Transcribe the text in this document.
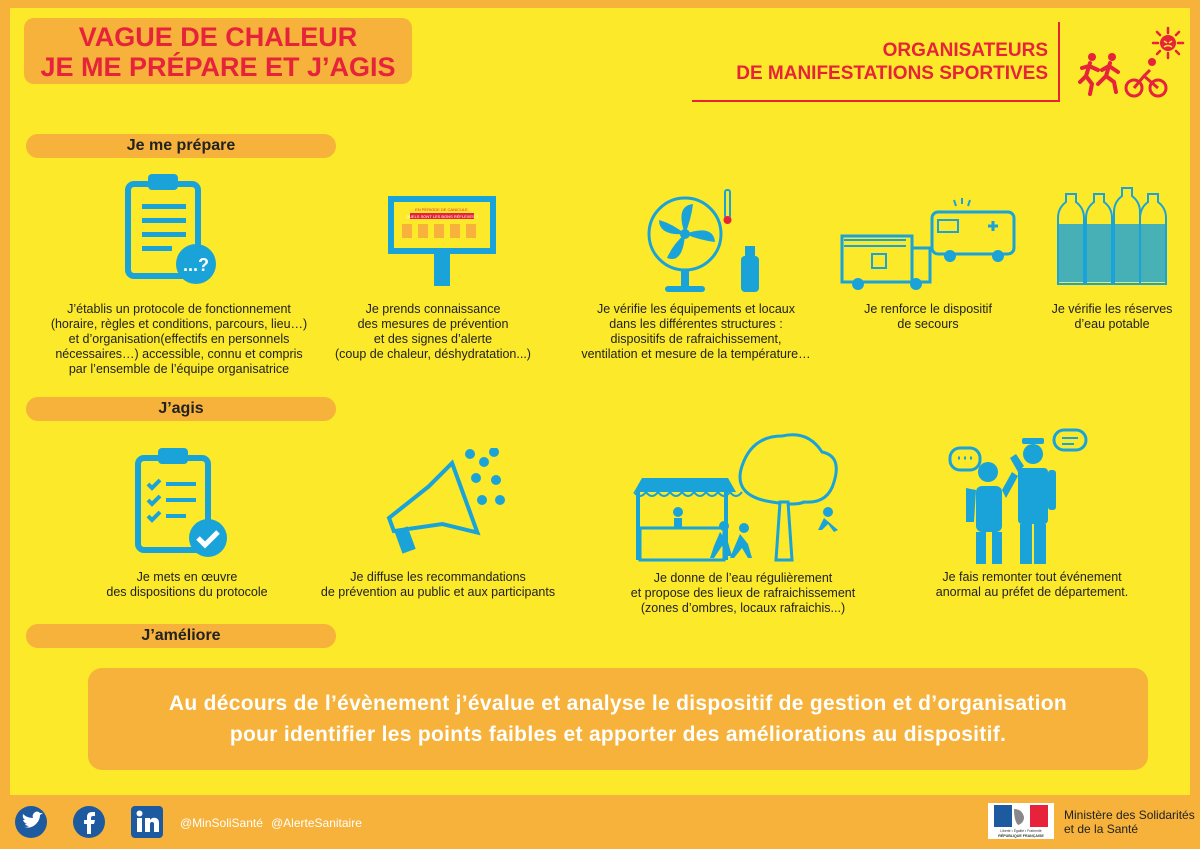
VAGUE DE CHALEUR
JE ME PRÉPARE ET J’AGIS
ORGANISATEURS
DE MANIFESTATIONS SPORTIVES
Je me prépare
...?
EN PÉRIODE DE CANICULE,
QUELS SONT LES BONS RÉFLEXES ?
J’établis un protocole de fonctionnement
(horaire, règles et conditions, parcours, lieu…)
et d’organisation(effectifs en personnels
nécessaires…) accessible, connu et compris
par l’ensemble de l’équipe organisatrice
Je prends connaissance
des mesures de prévention
et des signes d’alerte
(coup de chaleur, déshydratation...)
Je vérifie les équipements et locaux
dans les différentes structures :
dispositifs de rafraichissement,
ventilation et mesure de la température…
Je renforce le dispositif
de secours
Je vérifie les réserves
d’eau potable
J’agis
Je mets en œuvre
des dispositions du protocole
Je diffuse les recommandations
de prévention au public et aux participants
Je donne de l’eau régulièrement
et propose des lieux de rafraichissement
(zones d’ombres, locaux rafraichis...)
Je fais remonter tout événement
anormal au préfet de département.
J’améliore
Au décours de l’évènement j’évalue et analyse le dispositif de gestion et d’organisation
pour identifier les points faibles et apporter des améliorations au dispositif.
@MinSoliSanté @AlerteSanitaire
Liberté • Égalité • Fraternité
RÉPUBLIQUE FRANÇAISE
Ministère des Solidarités
et de la Santé
